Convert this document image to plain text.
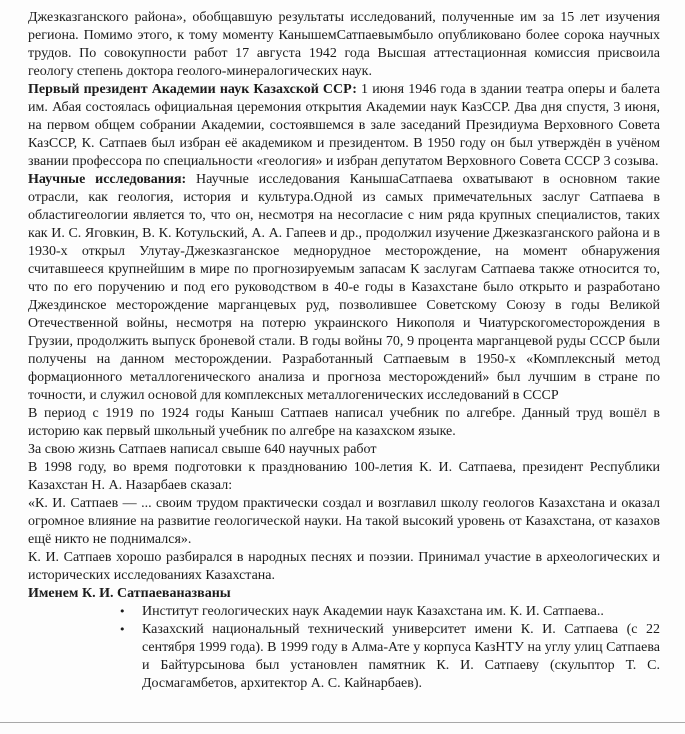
Джезказганского района», обобщавшую результаты исследований, полученные им за 15 лет изучения региона. Помимо этого, к тому моменту КанышемСатпаевымбыло опубликовано более сорока научных трудов. По совокупности работ 17 августа 1942 года Высшая аттестационная комиссия присвоила геологу степень доктора геолого-минералогических наук.

Первый президент Академии наук Казахской ССР: 1 июня 1946 года в здании театра оперы и балета им. Абая состоялась официальная церемония открытия Академии наук КазССР. Два дня спустя, 3 июня, на первом общем собрании Академии, состоявшемся в зале заседаний Президиума Верховного Совета КазССР, К. Сатпаев был избран её академиком и президентом. В 1950 году он был утверждён в учёном звании профессора по специальности «геология» и избран депутатом Верховного Совета СССР 3 созыва.

Научные исследования: Научные исследования КанышаСатпаева охватывают в основном такие отрасли, как геология, история и культура.Одной из самых примечательных заслуг Сатпаева в областигеологии является то, что он, несмотря на несогласие с ним ряда крупных специалистов, таких как И. С. Яговкин, В. К. Котульский, А. А. Гапеев и др., продолжил изучение Джезказганского района и в 1930-х открыл Улутау-Джезказганское меднорудное месторождение, на момент обнаружения считавшееся крупнейшим в мире по прогнозируемым запасам К заслугам Сатпаева также относится то, что по его поручению и под его руководством в 40-е годы в Казахстане было открыто и разработано Джездинское месторождение марганцевых руд, позволившее Советскому Союзу в годы Великой Отечественной войны, несмотря на потерю украинского Никополя и Чиатурскогоместорождения в Грузии, продолжить выпуск броневой стали. В годы войны 70, 9 процента марганцевой руды СССР были получены на данном месторождении. Разработанный Сатпаевым в 1950-х «Комплексный метод формационного металлогенического анализа и прогноза месторождений» был лучшим в стране по точности, и служил основой для комплексных металлогенических исследований в СССР

В период с 1919 по 1924 годы Каныш Сатпаев написал учебник по алгебре. Данный труд вошёл в историю как первый школьный учебник по алгебре на казахском языке.

За свою жизнь Сатпаев написал свыше 640 научных работ

В 1998 году, во время подготовки к празднованию 100-летия К. И. Сатпаева, президент Республики Казахстан Н. А. Назарбаев сказал:

«К. И. Сатпаев — ... своим трудом практически создал и возглавил школу геологов Казахстана и оказал огромное влияние на развитие геологической науки. На такой высокий уровень от Казахстана, от казахов ещё никто не поднимался».

К. И. Сатпаев хорошо разбирался в народных песнях и поэзии. Принимал участие в археологических и исторических исследованиях Казахстана.

Именем К. И. Сатпаеваназваны

• Институт геологических наук Академии наук Казахстана им. К. И. Сатпаева..
• Казахский национальный технический университет имени К. И. Сатпаева (с 22 сентября 1999 года). В 1999 году в Алма-Ате у корпуса КазНТУ на углу улиц Сатпаева и Байтурсынова был установлен памятник К. И. Сатпаеву (скульптор Т. С. Досмагамбетов, архитектор А. С. Кайнарбаев).
